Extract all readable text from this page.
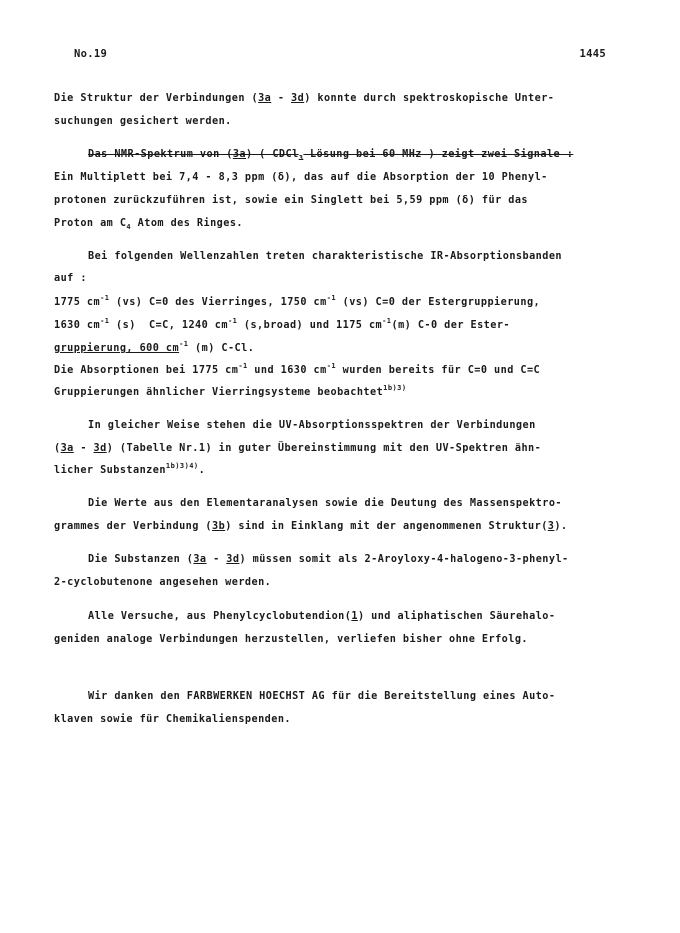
No.19	1445
Die Struktur der Verbindungen (3a - 3d) konnte durch spektroskopische Unter-
suchungen gesichert werden.
Das NMR-Spektrum von (3a) ( CDCl$_3$ Lösung bei 60 MHz ) zeigt zwei Signale :
Ein Multiplett bei 7,4 - 8,3 ppm (δ), das auf die Absorption der 10 Phenyl-
protonen zurückzuführen ist, sowie ein Singlett bei 5,59 ppm (δ) für das
Proton am $C_4$ Atom des Ringes.
Bei folgenden Wellenzahlen treten charakteristische IR-Absorptionsbanden
auf :
1775 $cm^{-1}$ (vs) C=0 des Vierringes, 1750 $cm^{-1}$ (vs) C=0 der Estergruppierung,
1630 $cm^{-1}$ (s)  C=C, 1240 $cm^{-1}$ (s,broad) und 1175 $cm^{-1}(m)$ C-0 der Ester-
gruppierung, 600 $cm^{-1}$ (m) C-Cl.
Die Absorptionen bei 1775 $cm^{-1}$ und 1630 $cm^{-1}$ wurden bereits für C=0 und C=C
Gruppierungen ähnlicher Vierringsysteme beobachtet$^{1b)3)}$
In gleicher Weise stehen die UV-Absorptionsspektren der Verbindungen
(3a - 3d) (Tabelle Nr.1) in guter Übereinstimmung mit den UV-Spektren ähn-
licher Substanzen$^{1b)3)4)}$.
Die Werte aus den Elementaranalysen sowie die Deutung des Massenspektro-
grammes der Verbindung (3b) sind in Einklang mit der angenommenen Struktur(3).
Die Substanzen (3a - 3d) müssen somit als 2-Aroyloxy-4-halogeno-3-phenyl-
2-cyclobutenone angesehen werden.
Alle Versuche, aus Phenylcyclobutendion(1) und aliphatischen Säurehalo-
geniden analoge Verbindungen herzustellen, verliefen bisher ohne Erfolg.
Wir danken den FARBWERKEN HOECHST AG für die Bereitstellung eines Auto-
klaven sowie für Chemikalienspenden.
